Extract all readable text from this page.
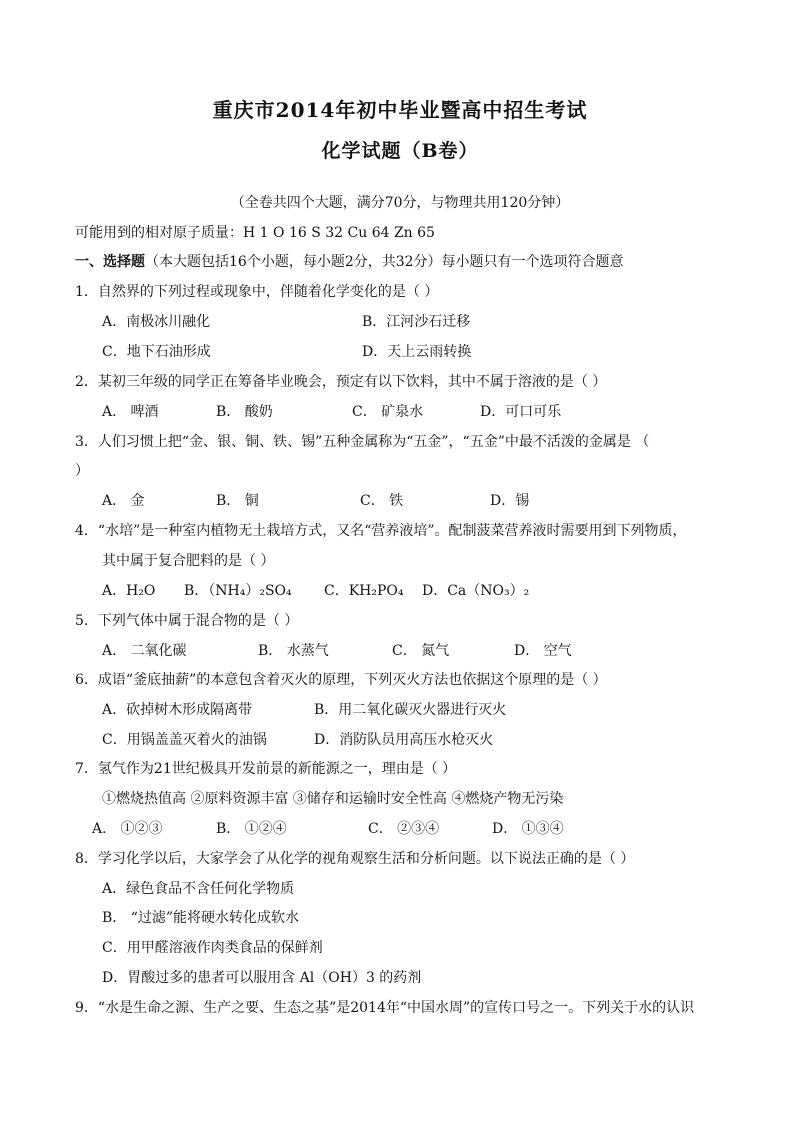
重庆市2014年初中毕业暨高中招生考试
化学试题（B卷）
（全卷共四个大题，满分70分，与物理共用120分钟）
可能用到的相对原子质量：H 1 O 16 S 32 Cu 64 Zn 65
一、选择题（本大题包括16个小题，每小题2分，共32分）每小题只有一个选项符合题意
1．自然界的下列过程或现象中，伴随着化学变化的是（ ）
A．南极冰川融化	B．江河沙石迁移
C．地下石油形成	D．天上云雨转换
2．某初三年级的同学正在筹备毕业晚会，预定有以下饮料，其中不属于溶液的是（ ）
A． 啤酒	B． 酸奶	C． 矿泉水	D．可口可乐
3．人们习惯上把“金、银、铜、铁、锡”五种金属称为“五金”，“五金”中最不活泼的金属是 （
）
A． 金	B． 铜	C． 铁	D．锡
4．“水培”是一种室内植物无土栽培方式，又名“营养液培”。配制菠菜营养液时需要用到下列物质，
其中属于复合肥料的是（ ）
A．H₂O B．（NH₄）₂SO₄ C．KH₂PO₄ D．Ca（NO₃）₂
5．下列气体中属于混合物的是（ ）
A． 二氧化碳	B． 水蒸气	C． 氮气	D． 空气
6．成语“釜底抽薪”的本意包含着灭火的原理，下列灭火方法也依据这个原理的是（ ）
A．砍掉树木形成隔离带	B．用二氧化碳灭火器进行灭火
C．用锅盖盖灭着火的油锅	D．消防队员用高压水枪灭火
7．氢气作为21世纪极具开发前景的新能源之一，理由是（ ）
①燃烧热值高 ②原料资源丰富 ③储存和运输时安全性高 ④燃烧产物无污染
A． ①②③	B． ①②④	C． ②③④	D． ①③④
8．学习化学以后，大家学会了从化学的视角观察生活和分析问题。以下说法正确的是（ ）
A．绿色食品不含任何化学物质
B． “过滤”能将硬水转化成软水
C．用甲醛溶液作肉类食品的保鲜剂
D．胃酸过多的患者可以服用含 Al（OH）3 的药剂
9．“水是生命之源、生产之要、生态之基”是2014年“中国水周”的宣传口号之一。下列关于水的认识
